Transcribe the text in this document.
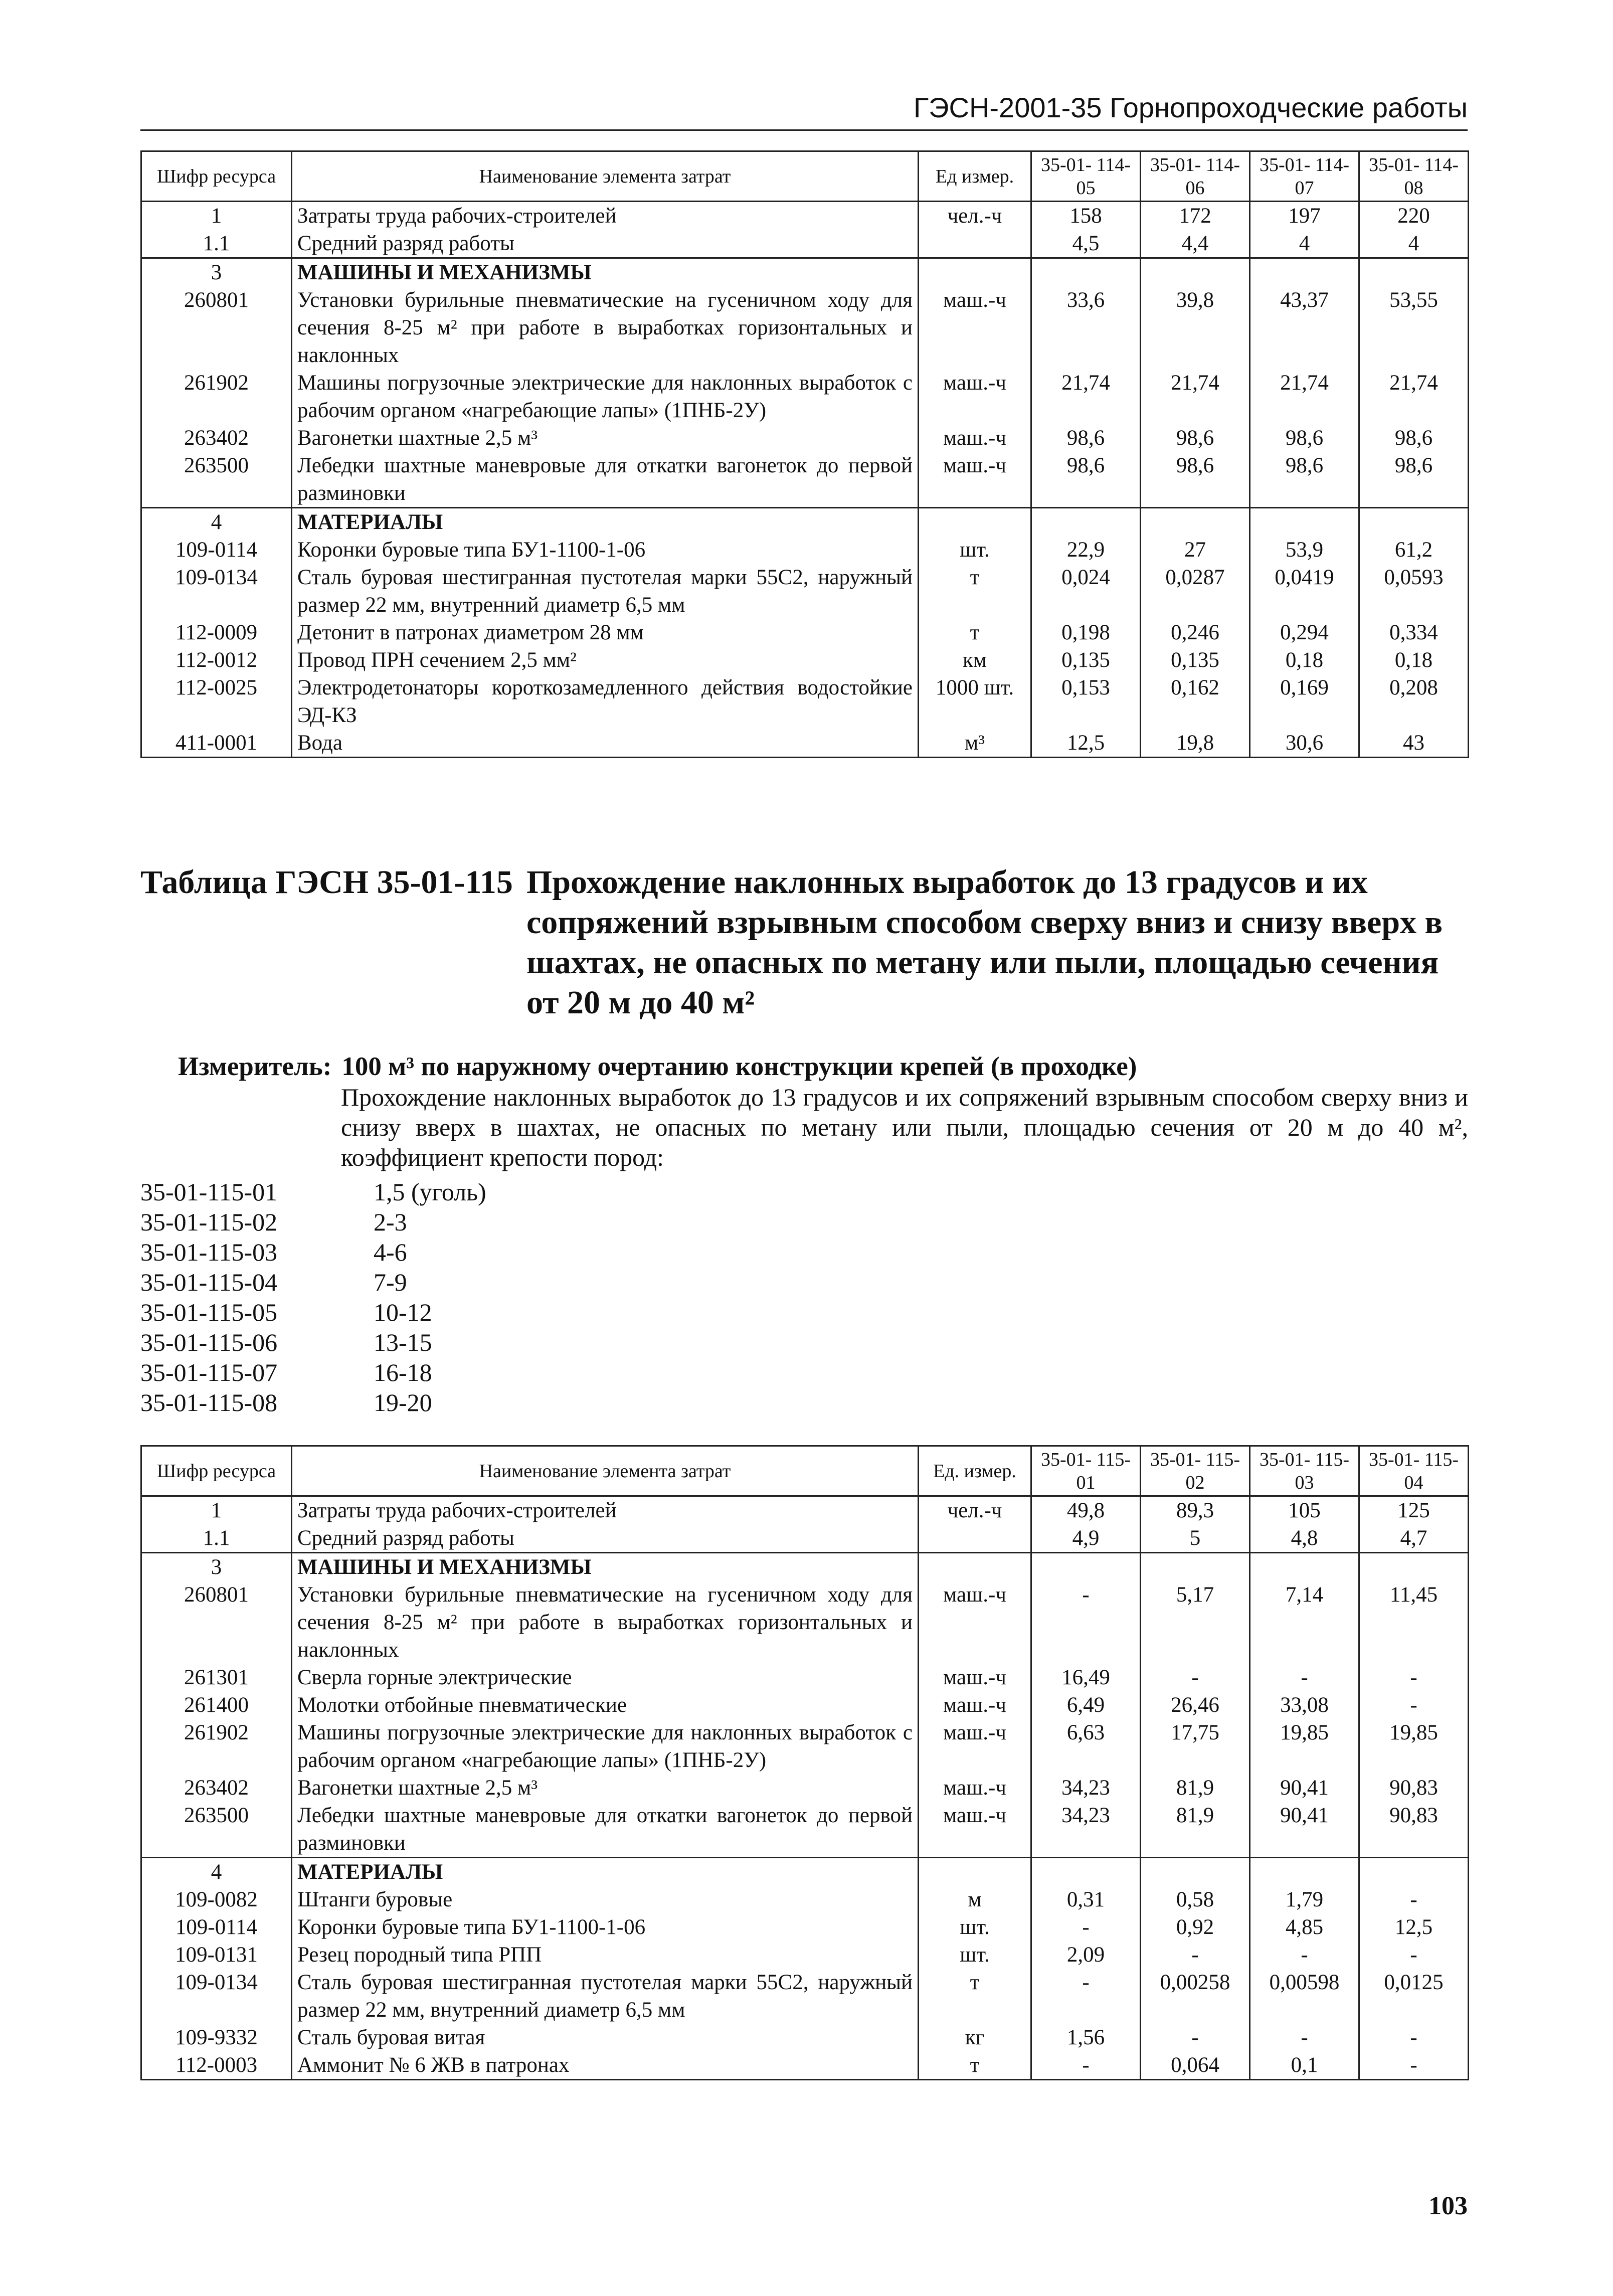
ГЭСН-2001-35 Горнопроходческие работы
Шифр ресурса	Наименование элемента затрат	Ед измер.	35-01- 114-05	35-01- 114-06	35-01- 114-07	35-01- 114-08
1	Затраты труда рабочих-строителей	чел.-ч	158	172	197	220
1.1	Средний разряд работы		4,5	4,4	4	4
3	МАШИНЫ И МЕХАНИЗМЫ					
260801	Установки бурильные пневматические на гусеничном ходу для сечения 8-25 м² при работе в выработках горизонтальных и наклонных	маш.-ч	33,6	39,8	43,37	53,55
261902	Машины погрузочные электрические для наклонных выработок с рабочим органом «нагребающие лапы» (1ПНБ-2У)	маш.-ч	21,74	21,74	21,74	21,74
263402	Вагонетки шахтные 2,5 м³	маш.-ч	98,6	98,6	98,6	98,6
263500	Лебедки шахтные маневровые для откатки вагонеток до первой разминовки	маш.-ч	98,6	98,6	98,6	98,6
4	МАТЕРИАЛЫ					
109-0114	Коронки буровые типа БУ1-1100-1-06	шт.	22,9	27	53,9	61,2
109-0134	Сталь буровая шестигранная пустотелая марки 55С2, наружный размер 22 мм, внутренний диаметр 6,5 мм	т	0,024	0,0287	0,0419	0,0593
112-0009	Детонит в патронах диаметром 28 мм	т	0,198	0,246	0,294	0,334
112-0012	Провод ПРН сечением 2,5 мм²	км	0,135	0,135	0,18	0,18
112-0025	Электродетонаторы короткозамедленного действия водостойкие ЭД-КЗ	1000 шт.	0,153	0,162	0,169	0,208
411-0001	Вода	м³	12,5	19,8	30,6	43
Таблица ГЭСН 35-01-115 Прохождение наклонных выработок до 13 градусов и их сопряжений взрывным способом сверху вниз и снизу вверх в шахтах, не опасных по метану или пыли, площадью сечения от 20 м до 40 м²
Измеритель: 100 м³ по наружному очертанию конструкции крепей (в проходке)
Прохождение наклонных выработок до 13 градусов и их сопряжений взрывным способом сверху вниз и снизу вверх в шахтах, не опасных по метану или пыли, площадью сечения от 20 м до 40 м², коэффициент крепости пород:
35-01-115-01	1,5 (уголь)
35-01-115-02	2-3
35-01-115-03	4-6
35-01-115-04	7-9
35-01-115-05	10-12
35-01-115-06	13-15
35-01-115-07	16-18
35-01-115-08	19-20
Шифр ресурса	Наименование элемента затрат	Ед. измер.	35-01- 115-01	35-01- 115-02	35-01- 115-03	35-01- 115-04
1	Затраты труда рабочих-строителей	чел.-ч	49,8	89,3	105	125
1.1	Средний разряд работы		4,9	5	4,8	4,7
3	МАШИНЫ И МЕХАНИЗМЫ					
260801	Установки бурильные пневматические на гусеничном ходу для сечения 8-25 м² при работе в выработках горизонтальных и наклонных	маш.-ч	-	5,17	7,14	11,45
261301	Сверла горные электрические	маш.-ч	16,49	-	-	-
261400	Молотки отбойные пневматические	маш.-ч	6,49	26,46	33,08	-
261902	Машины погрузочные электрические для наклонных выработок с рабочим органом «нагребающие лапы» (1ПНБ-2У)	маш.-ч	6,63	17,75	19,85	19,85
263402	Вагонетки шахтные 2,5 м³	маш.-ч	34,23	81,9	90,41	90,83
263500	Лебедки шахтные маневровые для откатки вагонеток до первой разминовки	маш.-ч	34,23	81,9	90,41	90,83
4	МАТЕРИАЛЫ					
109-0082	Штанги буровые	м	0,31	0,58	1,79	-
109-0114	Коронки буровые типа БУ1-1100-1-06	шт.	-	0,92	4,85	12,5
109-0131	Резец породный типа РПП	шт.	2,09	-	-	-
109-0134	Сталь буровая шестигранная пустотелая марки 55С2, наружный размер 22 мм, внутренний диаметр 6,5 мм	т	-	0,00258	0,00598	0,0125
109-9332	Сталь буровая витая	кг	1,56	-	-	-
112-0003	Аммонит № 6 ЖВ в патронах	т	-	0,064	0,1	-
103
